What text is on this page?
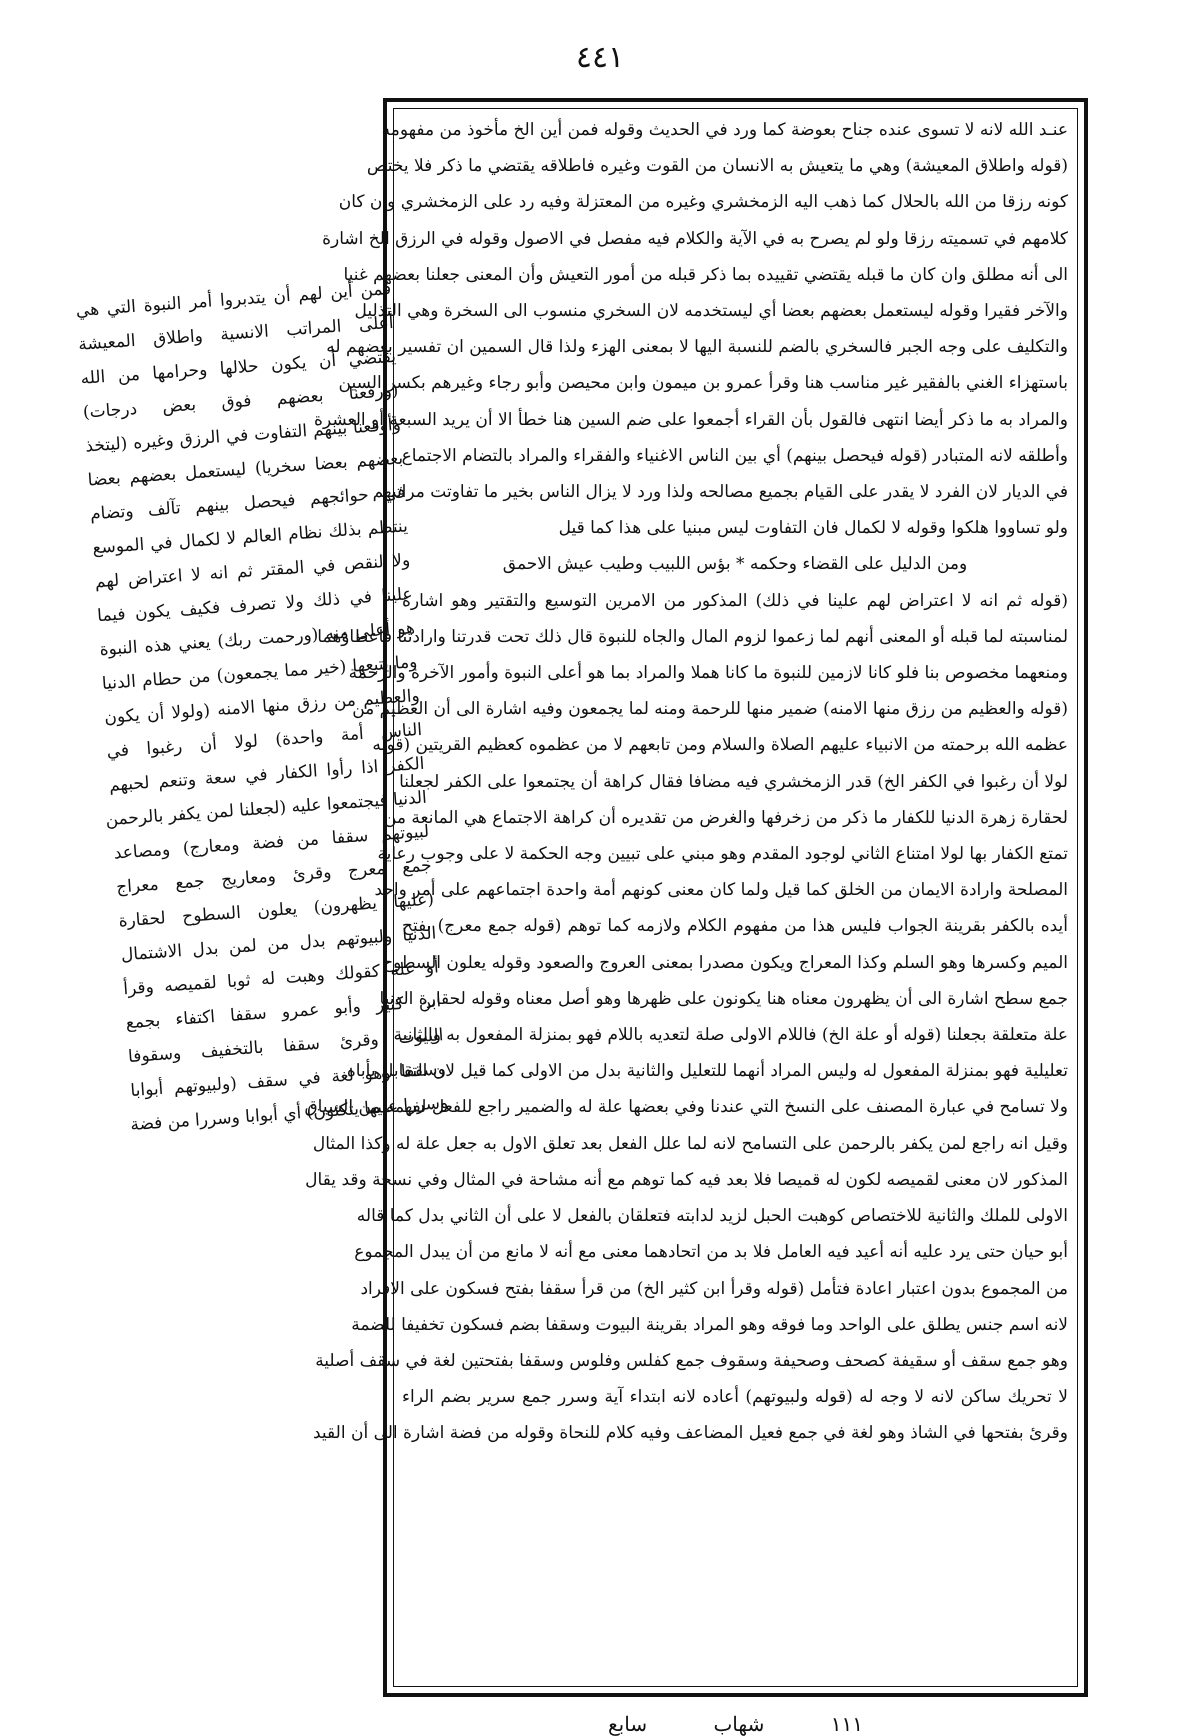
٤٤١
عنـد الله لانه لا تسوى عنده جناح بعوضة كما ورد في الحديث وقوله فمن أين الخ مأخوذ من مفهومه
(قوله واطلاق المعيشة) وهي ما يتعيش به الانسان من القوت وغيره فاطلاقه يقتضي ما ذكر فلا يختص
كونه رزقا من الله بالحلال كما ذهب اليه الزمخشري وغيره من المعتزلة وفيه رد على الزمخشري وان كان
كلامهم في تسميته رزقا ولو لم يصرح به في الآية والكلام فيه مفصل في الاصول وقوله في الرزق الخ اشارة
الى أنه مطلق وان كان ما قبله يقتضي تقييده بما ذكر قبله من أمور التعيش وأن المعنى جعلنا بعضهم غنيا
والآخر فقيرا وقوله ليستعمل بعضهم بعضا أي ليستخدمه لان السخري منسوب الى السخرة وهي التذليل
والتكليف على وجه الجبر فالسخري بالضم للنسبة اليها لا بمعنى الهزء ولذا قال السمين ان تفسير بعضهم له
باستهزاء الغني بالفقير غير مناسب هنا وقرأ عمرو بن ميمون وابن محيصن وأبو رجاء وغيرهم بكسر السين
والمراد به ما ذكر أيضا انتهى فالقول بأن القراء أجمعوا على ضم السين هنا خطأ الا أن يريد السبعة أو العشرة
وأطلقه لانه المتبادر (قوله فيحصل بينهم) أي بين الناس الاغنياء والفقراء والمراد بالتضام الاجتماع
في الديار لان الفرد لا يقدر على القيام بجميع مصالحه ولذا ورد لا يزال الناس بخير ما تفاوتت مراتبهم
ولو تساووا هلكوا وقوله لا لكمال فان التفاوت ليس مبنيا على هذا كما قيل
ومن الدليل على القضاء وحكمه * بؤس اللبيب وطيب عيش الاحمق
(قوله ثم انه لا اعتراض لهم علينا في ذلك) المذكور من الامرين التوسيع والتقتير وهو اشارة
لمناسبته لما قبله أو المعنى أنهم لما زعموا لزوم المال والجاه للنبوة قال ذلك تحت قدرتنا وارادتنا فاعطاؤهما
ومنعهما مخصوص بنا فلو كانا لازمين للنبوة ما كانا هملا والمراد بما هو أعلى النبوة وأمور الآخرة والرحمة
(قوله والعظيم من رزق منها الامنه) ضمير منها للرحمة ومنه لما يجمعون وفيه اشارة الى أن العظيم من
عظمه الله برحمته من الانبياء عليهم الصلاة والسلام ومن تابعهم لا من عظموه كعظيم القريتين (قوله
لولا أن رغبوا في الكفر الخ) قدر الزمخشري فيه مضافا فقال كراهة أن يجتمعوا على الكفر لجعلنا
لحقارة زهرة الدنيا للكفار ما ذكر من زخرفها والغرض من تقديره أن كراهة الاجتماع هي المانعة من
تمتع الكفار بها لولا امتناع الثاني لوجود المقدم وهو مبني على تبيين وجه الحكمة لا على وجوب رعاية
المصلحة وارادة الايمان من الخلق كما قيل ولما كان معنى كونهم أمة واحدة اجتماعهم على أمر واحد
أيده بالكفر بقرينة الجواب فليس هذا من مفهوم الكلام ولازمه كما توهم (قوله جمع معرج) بفتح
الميم وكسرها وهو السلم وكذا المعراج ويكون مصدرا بمعنى العروج والصعود وقوله يعلون السطوح
جمع سطح اشارة الى أن يظهرون معناه هنا يكونون على ظهرها وهو أصل معناه وقوله لحقارة الدنيا
علة متعلقة بجعلنا (قوله أو علة الخ) فاللام الاولى صلة لتعديه باللام فهو بمنزلة المفعول به والثانية
تعليلية فهو بمنزلة المفعول له وليس المراد أنهما للتعليل والثانية بدل من الاولى كما قيل لان التقابل يأباه
ولا تسامح في عبارة المصنف على النسخ التي عندنا وفي بعضها علة له والضمير راجع للفعل لفهمه من السياق
وقيل انه راجع لمن يكفر بالرحمن على التسامح لانه لما علل الفعل بعد تعلق الاول به جعل علة له وكذا المثال
المذكور لان معنى لقميصه لكون له قميصا فلا بعد فيه كما توهم مع أنه مشاحة في المثال وفي نسخة وقد يقال
الاولى للملك والثانية للاختصاص كوهبت الحبل لزيد لدابته فتعلقان بالفعل لا على أن الثاني بدل كما قاله
أبو حيان حتى يرد عليه أنه أعيد فيه العامل فلا بد من اتحادهما معنى مع أنه لا مانع من أن يبدل المجموع
من المجموع بدون اعتبار اعادة فتأمل (قوله وقرأ ابن كثير الخ) من قرأ سقفا بفتح فسكون على الافراد
لانه اسم جنس يطلق على الواحد وما فوقه وهو المراد بقرينة البيوت وسقفا بضم فسكون تخفيفا للضمة
وهو جمع سقف أو سقيفة كصحف وصحيفة وسقوف جمع كفلس وفلوس وسقفا بفتحتين لغة في سقف أصلية
لا تحريك ساكن لانه لا وجه له (قوله ولبيوتهم) أعاده لانه ابتداء آية وسرر جمع سرير بضم الراء
وقرئ بفتحها في الشاذ وهو لغة في جمع فعيل المضاعف وفيه كلام للنحاة وقوله من فضة اشارة الى أن القيد
فمن أين لهم أن يتدبروا أمر النبوة التي هي
أعلى المراتب الانسية واطلاق المعيشة
يقتضي أن يكون حلالها وحرامها من الله
(ورفعنا بعضهم فوق بعض درجات)
وأوقعنا بينهم التفاوت في الرزق وغيره (ليتخذ
بعضهم بعضا سخريا) ليستعمل بعضهم بعضا
في حوائجهم فيحصل بينهم تآلف وتضام
ينتظم بذلك نظام العالم لا لكمال في الموسع
ولا لنقص في المقتر ثم انه لا اعتراض لهم
علينا في ذلك ولا تصرف فكيف يكون فيما
هو أعلى منه (ورحمت ربك) يعني هذه النبوة
وما يتبعها (خير مما يجمعون) من حطام الدنيا
والعظيم من رزق منها الامنه (ولولا أن يكون
الناس أمة واحدة) لولا أن رغبوا في
الكفر اذا رأوا الكفار في سعة وتنعم لحبهم
الدنيا فيجتمعوا عليه (لجعلنا لمن يكفر بالرحمن
لبيوتهم سقفا من فضة ومعارج) ومصاعد
جمع معرج وقرئ ومعاريج جمع معراج
(عليها يظهرون) يعلون السطوح لحقارة
الدنيا ولبيوتهم بدل من لمن بدل الاشتمال
أو علة كقولك وهبت له ثوبا لقميصه وقرأ
ابن كثير وأبو عمرو سقفا اكتفاء بجمع
البيوت وقرئ سقفا بالتخفيف وسقوفا
وسقفا وهو لغة في سقف (ولبيوتهم أبوابا
وسررا عليها يتكئون) أي أبوابا وسررا من فضة
١١١ شهاب سابع
